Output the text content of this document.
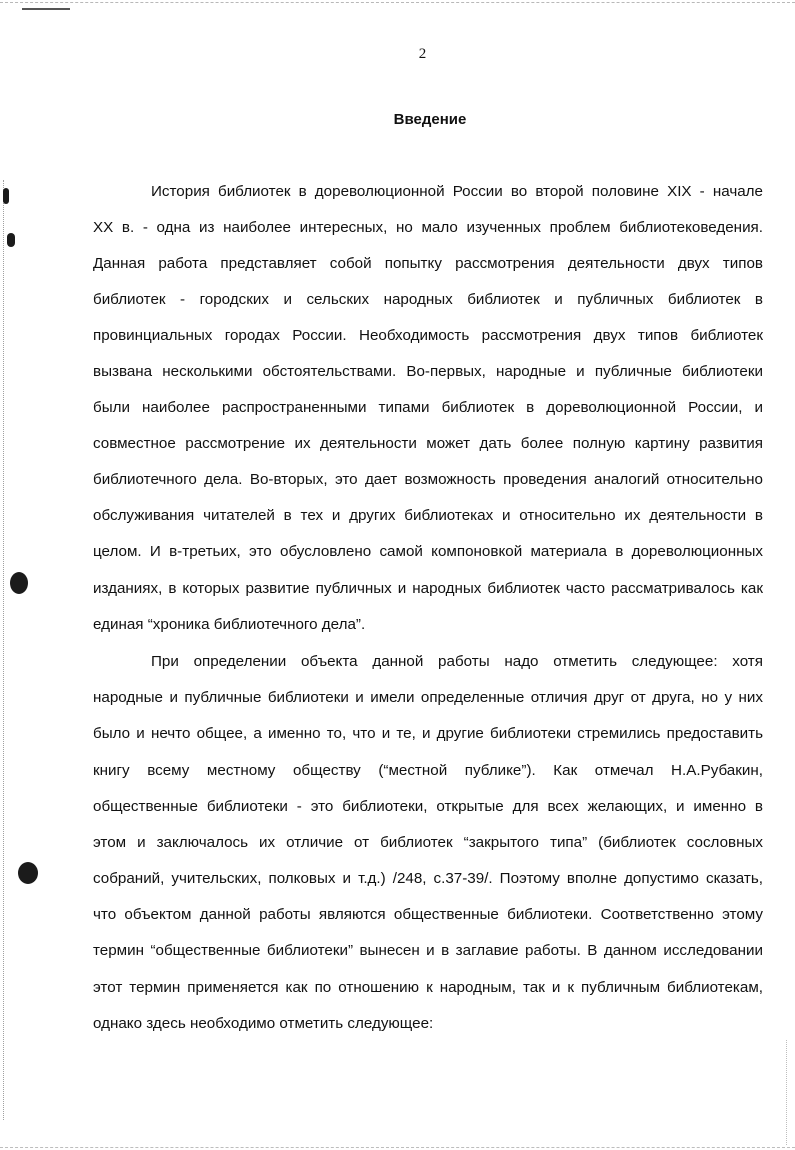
2
Введение
История библиотек в дореволюционной России во второй половине XIX - начале
XX в. - одна из наиболее интересных, но мало изученных проблем библиотековедения.
Данная работа представляет собой попытку рассмотрения деятельности двух типов
библиотек - городских и сельских народных библиотек и публичных библиотек в
провинциальных городах России. Необходимость рассмотрения двух типов библиотек
вызвана несколькими обстоятельствами. Во-первых, народные и публичные библиотеки
были наиболее распространенными типами библиотек в дореволюционной России, и
совместное рассмотрение их деятельности может дать более полную картину развития
библиотечного дела. Во-вторых, это дает возможность проведения аналогий относительно
обслуживания читателей в тех и других библиотеках и относительно их деятельности в
целом. И в-третьих, это обусловлено самой компоновкой материала в дореволюционных
изданиях, в которых развитие публичных и народных библиотек часто рассматривалось как
единая “хроника библиотечного дела”.
При определении объекта данной работы надо отметить следующее: хотя
народные и публичные библиотеки и имели определенные отличия друг от друга, но у них
было и нечто общее, а именно то, что и те, и другие библиотеки стремились предоставить
книгу всему местному обществу (“местной публике”). Как отмечал Н.А.Рубакин,
общественные библиотеки - это библиотеки, открытые для всех желающих, и именно в
этом и заключалось их отличие от библиотек “закрытого типа” (библиотек сословных
собраний, учительских, полковых и т.д.) /248, с.37-39/. Поэтому вполне допустимо сказать,
что объектом данной работы являются общественные библиотеки. Соответственно этому
термин “общественные библиотеки” вынесен и в заглавие работы. В данном исследовании
этот термин применяется как по отношению к народным, так и к публичным библиотекам,
однако здесь необходимо отметить следующее:
